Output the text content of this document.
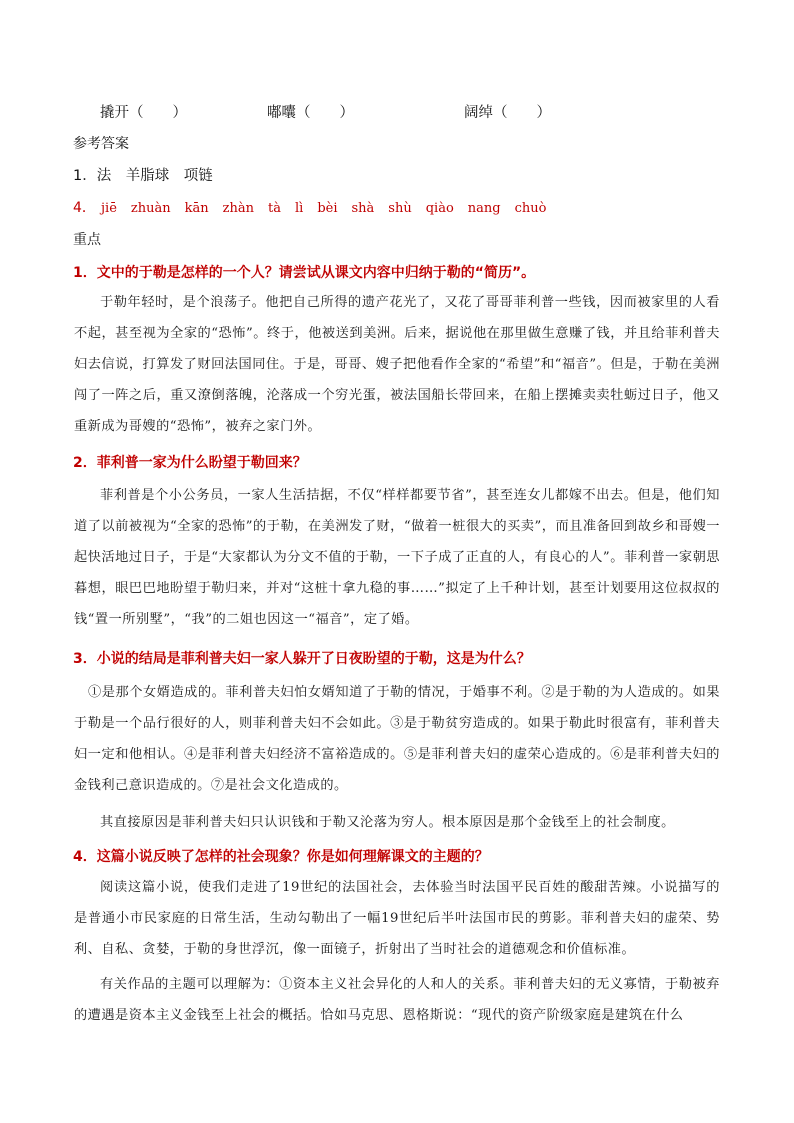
撬开（　　）	嘟囔（　　）	阔绰（　　）
参考答案
1．法　羊脂球　项链
4． jiē zhuàn kān zhàn tà lì bèi shà shù qiào nang chuò
重点
1．文中的于勒是怎样的一个人？请尝试从课文内容中归纳于勒的“简历”。
于勒年轻时，是个浪荡子。他把自己所得的遗产花光了，又花了哥哥菲利普一些钱，因而被家里的人看不起，甚至视为全家的“恐怖”。终于，他被送到美洲。后来，据说他在那里做生意赚了钱，并且给菲利普夫妇去信说，打算发了财回法国同住。于是，哥哥、嫂子把他看作全家的“希望”和“福音”。但是，于勒在美洲闯了一阵之后，重又潦倒落魄，沦落成一个穷光蛋，被法国船长带回来，在船上摆摊卖卖牡蛎过日子，他又重新成为哥嫂的“恐怖”，被弃之家门外。
2．菲利普一家为什么盼望于勒回来？
菲利普是个小公务员，一家人生活拮据，不仅“样样都要节省”，甚至连女儿都嫁不出去。但是，他们知道了以前被视为“全家的恐怖”的于勒，在美洲发了财，“做着一桩很大的买卖”，而且准备回到故乡和哥嫂一起快活地过日子，于是“大家都认为分文不值的于勒，一下子成了正直的人，有良心的人”。菲利普一家朝思暮想，眼巴巴地盼望于勒归来，并对“这桩十拿九稳的事……”拟定了上千种计划，甚至计划要用这位叔叔的钱“置一所别墅”，“我”的二姐也因这一“福音”，定了婚。
3．小说的结局是菲利普夫妇一家人躲开了日夜盼望的于勒，这是为什么？
①是那个女婿造成的。菲利普夫妇怕女婿知道了于勒的情况，于婚事不利。②是于勒的为人造成的。如果于勒是一个品行很好的人，则菲利普夫妇不会如此。③是于勒贫穷造成的。如果于勒此时很富有，菲利普夫妇一定和他相认。④是菲利普夫妇经济不富裕造成的。⑤是菲利普夫妇的虚荣心造成的。⑥是菲利普夫妇的金钱利己意识造成的。⑦是社会文化造成的。
其直接原因是菲利普夫妇只认识钱和于勒又沦落为穷人。根本原因是那个金钱至上的社会制度。
4．这篇小说反映了怎样的社会现象？你是如何理解课文的主题的？
阅读这篇小说，使我们走进了19世纪的法国社会，去体验当时法国平民百姓的酸甜苦辣。小说描写的是普通小市民家庭的日常生活，生动勾勒出了一幅19世纪后半叶法国市民的剪影。菲利普夫妇的虚荣、势利、自私、贪婪，于勒的身世浮沉，像一面镜子，折射出了当时社会的道德观念和价值标准。
有关作品的主题可以理解为：①资本主义社会异化的人和人的关系。菲利普夫妇的无义寡情，于勒被弃的遭遇是资本主义金钱至上社会的概括。恰如马克思、恩格斯说：“现代的资产阶级家庭是建筑在什么
